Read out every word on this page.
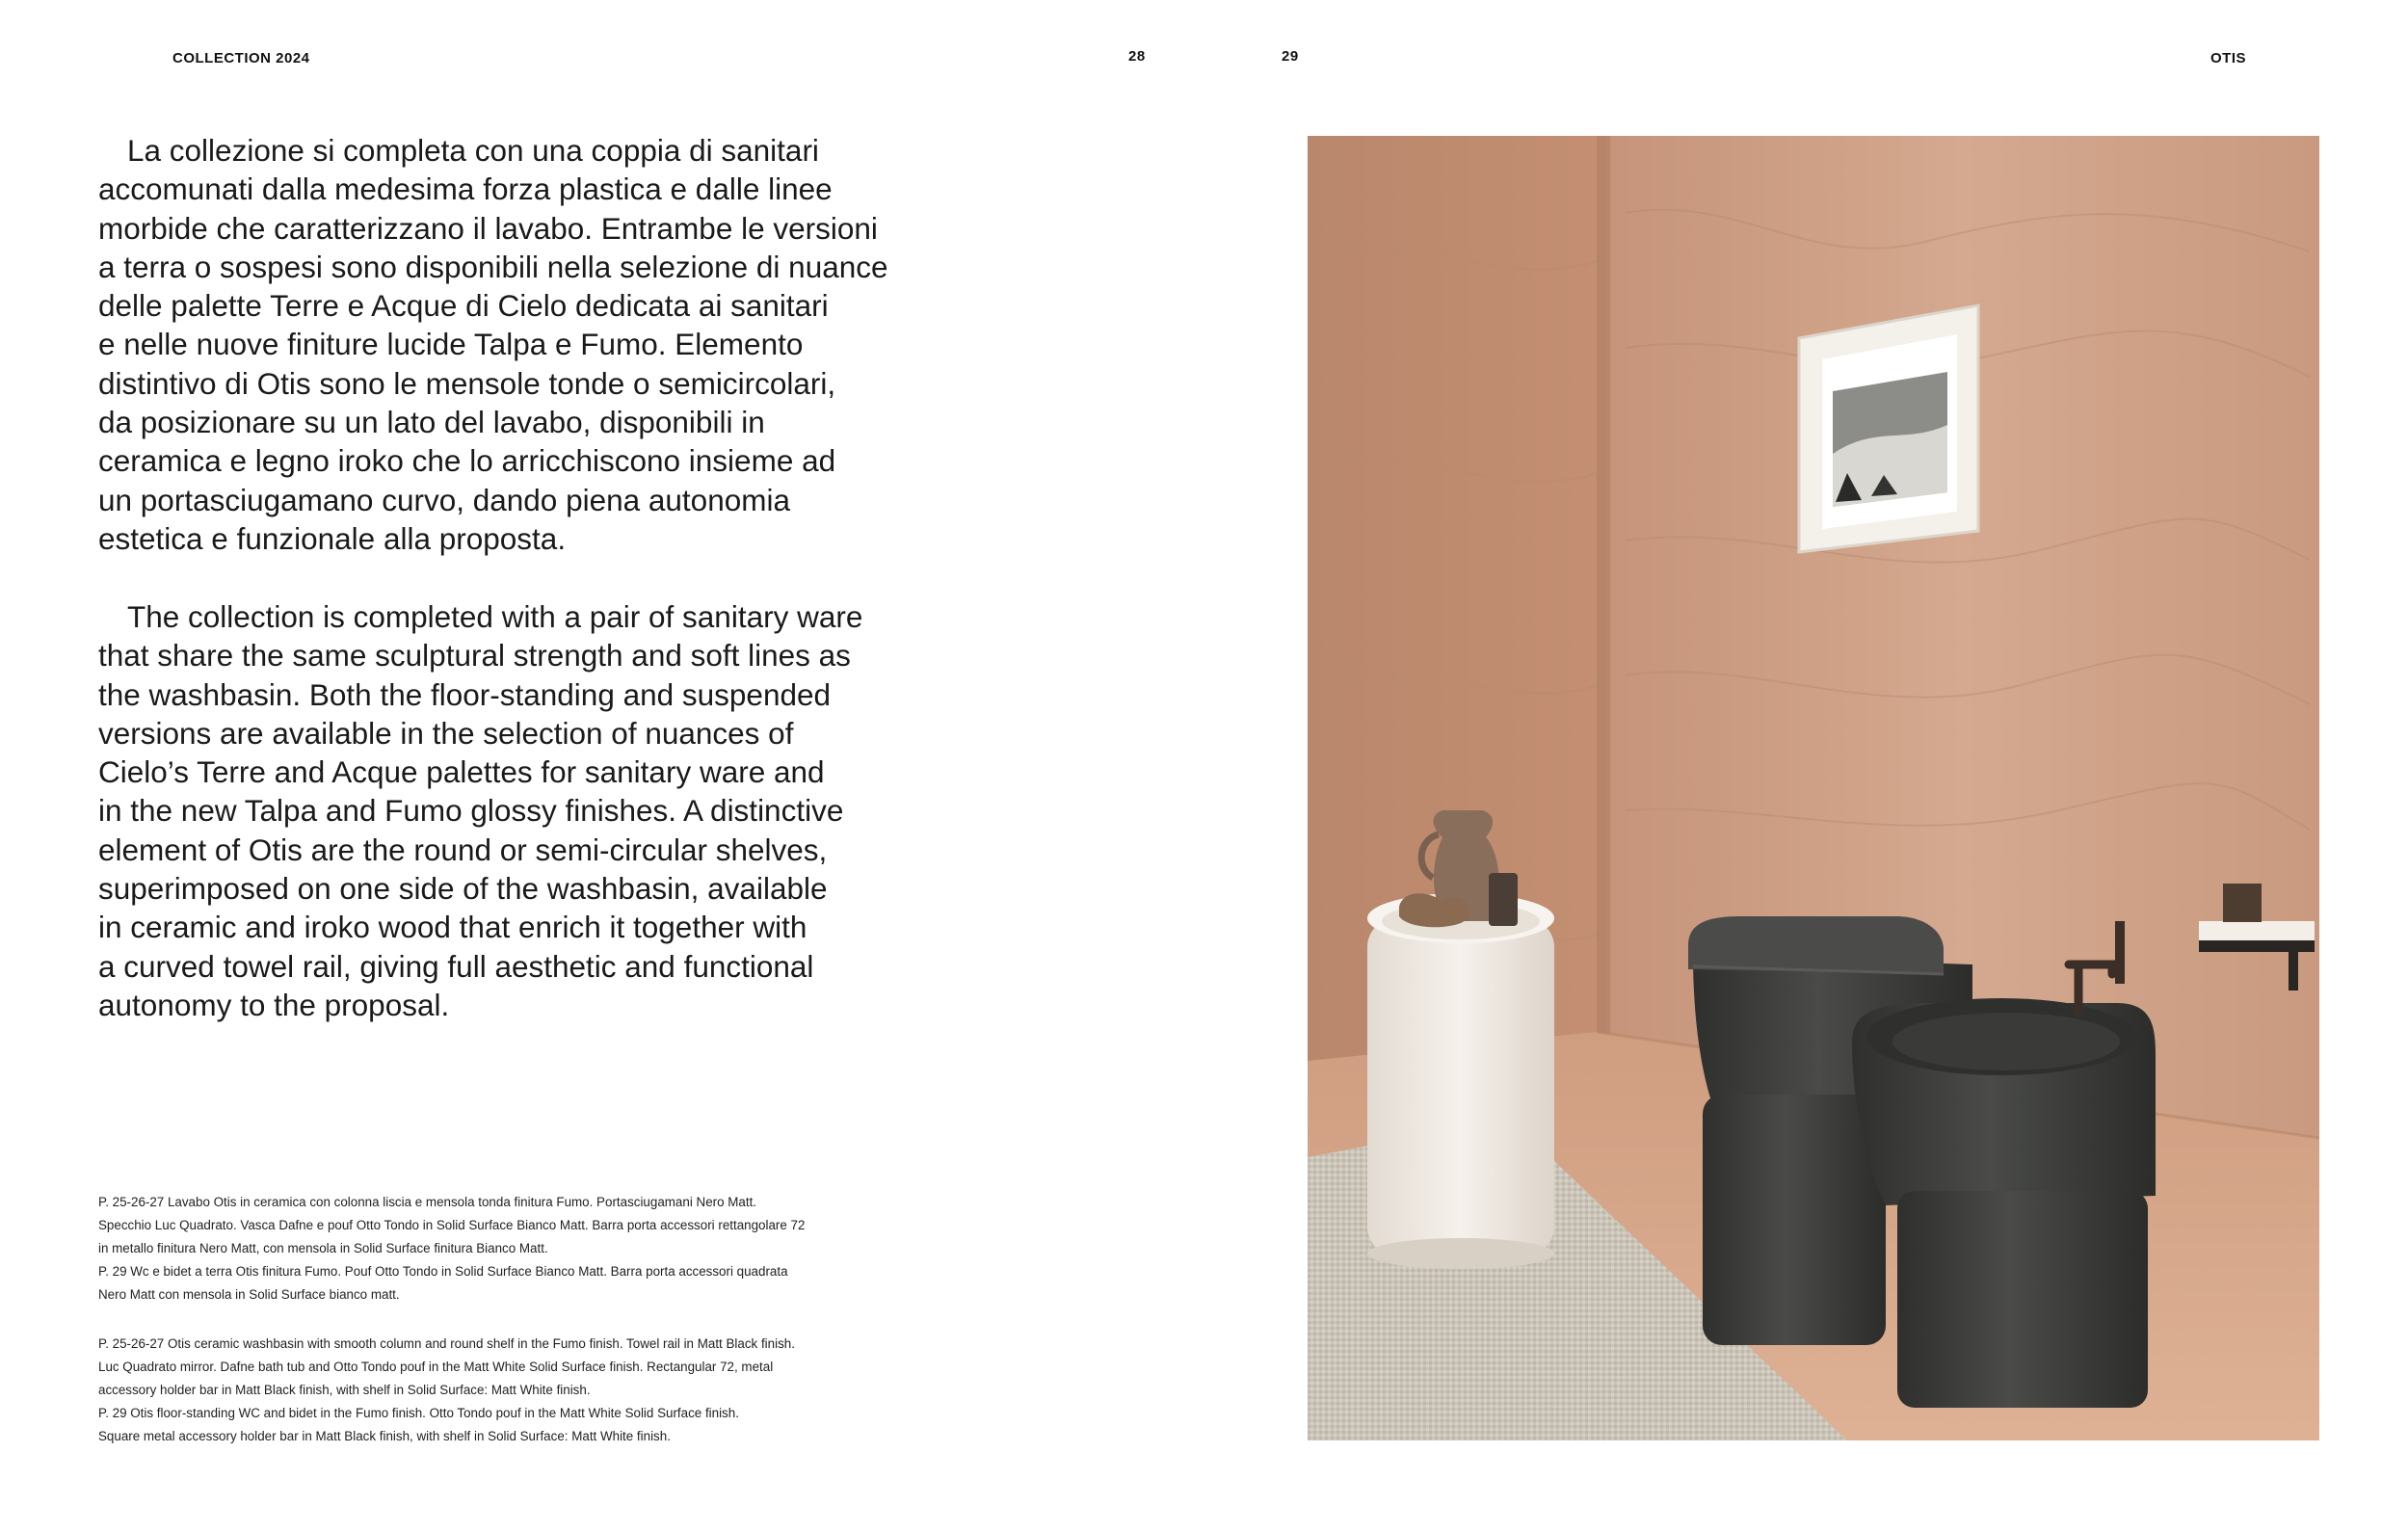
COLLECTION 2024	28	29	OTIS

La collezione si completa con una coppia di sanitari
accomunati dalla medesima forza plastica e dalle linee
morbide che caratterizzano il lavabo. Entrambe le versioni
a terra o sospesi sono disponibili nella selezione di nuance
delle palette Terre e Acque di Cielo dedicata ai sanitari
e nelle nuove finiture lucide Talpa e Fumo. Elemento
distintivo di Otis sono le mensole tonde o semicircolari,
da posizionare su un lato del lavabo, disponibili in
ceramica e legno iroko che lo arricchiscono insieme ad
un portasciugamano curvo, dando piena autonomia
estetica e funzionale alla proposta.

The collection is completed with a pair of sanitary ware
that share the same sculptural strength and soft lines as
the washbasin. Both the floor-standing and suspended
versions are available in the selection of nuances of
Cielo’s Terre and Acque palettes for sanitary ware and
in the new Talpa and Fumo glossy finishes. A distinctive
element of Otis are the round or semi-circular shelves,
superimposed on one side of the washbasin, available
in ceramic and iroko wood that enrich it together with
a curved towel rail, giving full aesthetic and functional
autonomy to the proposal.

P. 25-26-27 Lavabo Otis in ceramica con colonna liscia e mensola tonda finitura Fumo. Portasciugamani Nero Matt.
Specchio Luc Quadrato. Vasca Dafne e pouf Otto Tondo in Solid Surface Bianco Matt. Barra porta accessori rettangolare 72
in metallo finitura Nero Matt, con mensola in Solid Surface finitura Bianco Matt.
P. 29 Wc e bidet a terra Otis finitura Fumo. Pouf Otto Tondo in Solid Surface Bianco Matt. Barra porta accessori quadrata
Nero Matt con mensola in Solid Surface bianco matt.

P. 25-26-27 Otis ceramic washbasin with smooth column and round shelf in the Fumo finish. Towel rail in Matt Black finish.
Luc Quadrato mirror. Dafne bath tub and Otto Tondo pouf in the Matt White Solid Surface finish. Rectangular 72, metal
accessory holder bar in Matt Black finish, with shelf in Solid Surface: Matt White finish.
P. 29 Otis floor-standing WC and bidet in the Fumo finish. Otto Tondo pouf in the Matt White Solid Surface finish.
Square metal accessory holder bar in Matt Black finish, with shelf in Solid Surface: Matt White finish.
